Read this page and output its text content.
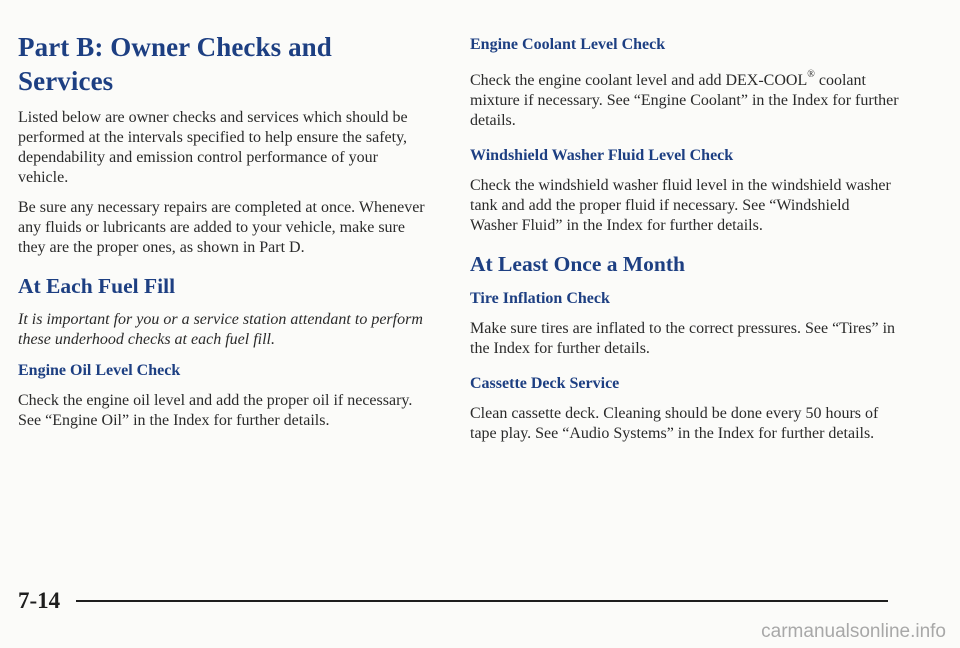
Part B: Owner Checks and Services

Listed below are owner checks and services which should be performed at the intervals specified to help ensure the safety, dependability and emission control performance of your vehicle.

Be sure any necessary repairs are completed at once. Whenever any fluids or lubricants are added to your vehicle, make sure they are the proper ones, as shown in Part D.

At Each Fuel Fill

It is important for you or a service station attendant to perform these underhood checks at each fuel fill.

Engine Oil Level Check

Check the engine oil level and add the proper oil if necessary. See “Engine Oil” in the Index for further details.

Engine Coolant Level Check

Check the engine coolant level and add DEX-COOL® coolant mixture if necessary. See “Engine Coolant” in the Index for further details.

Windshield Washer Fluid Level Check

Check the windshield washer fluid level in the windshield washer tank and add the proper fluid if necessary. See “Windshield Washer Fluid” in the Index for further details.

At Least Once a Month
Tire Inflation Check

Make sure tires are inflated to the correct pressures. See “Tires” in the Index for further details.

Cassette Deck Service

Clean cassette deck. Cleaning should be done every 50 hours of tape play. See “Audio Systems” in the Index for further details.

7-14
carmanualsonline.info
